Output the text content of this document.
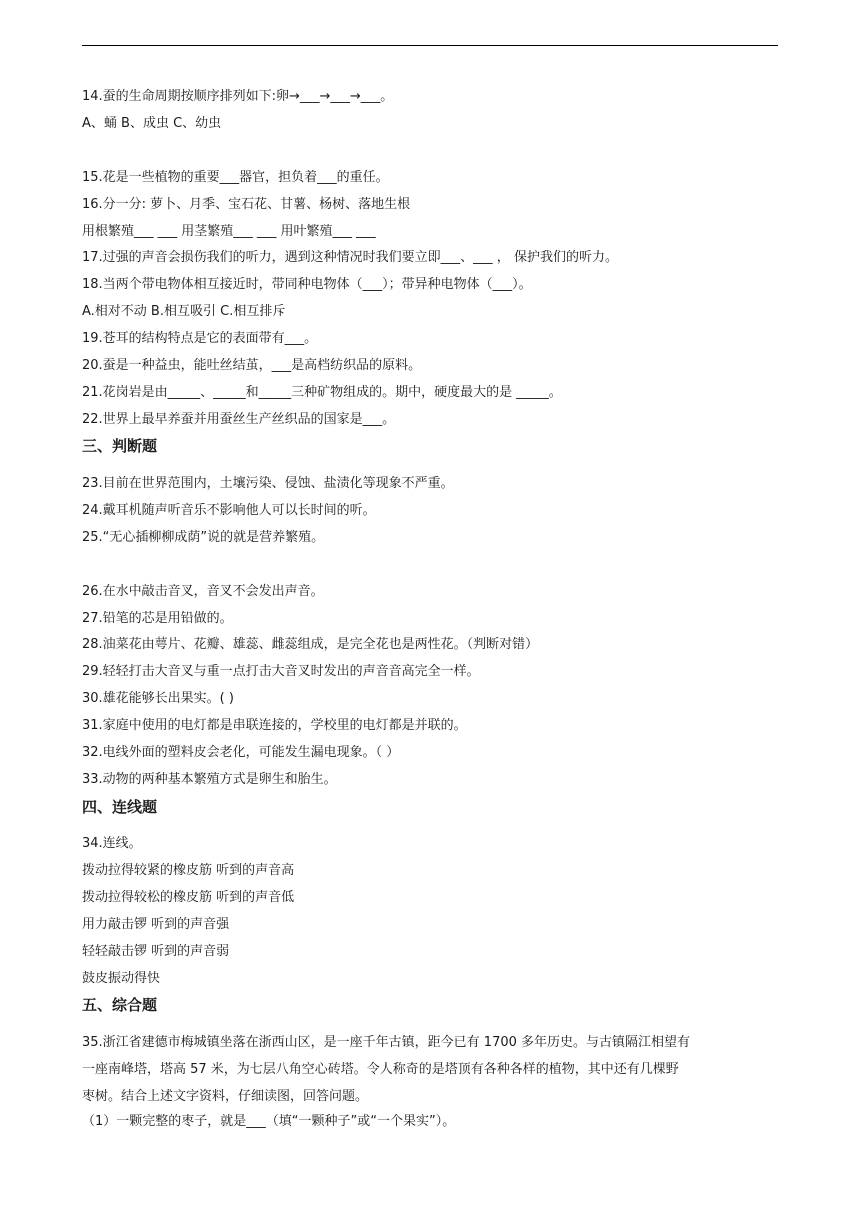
14.蚕的生命周期按顺序排列如下:卵→___→___→___。
A、蛹 B、成虫 C、幼虫
15.花是一些植物的重要___器官，担负着___的重任。
16.分一分: 萝卜、月季、宝石花、甘薯、杨树、落地生根
用根繁殖___ ___ 用茎繁殖___ ___ 用叶繁殖___ ___
17.过强的声音会损伤我们的听力，遇到这种情况时我们要立即___、___ ， 保护我们的听力。
18.当两个带电物体相互接近时，带同种电物体（___）；带异种电物体（___）。
A.相对不动 B.相互吸引 C.相互排斥
19.苍耳的结构特点是它的表面带有___。
20.蚕是一种益虫，能吐丝结茧，___是高档纺织品的原料。
21.花岗岩是由_____、_____和_____三种矿物组成的。期中，硬度最大的是 _____。
22.世界上最早养蚕并用蚕丝生产丝织品的国家是___。
三、判断题
23.目前在世界范围内，土壤污染、侵蚀、盐渍化等现象不严重。
24.戴耳机随声听音乐不影响他人可以长时间的听。
25.“无心插柳柳成荫”说的就是营养繁殖。
26.在水中敲击音叉，音叉不会发出声音。
27.铅笔的芯是用铅做的。
28.油菜花由萼片、花瓣、雄蕊、雌蕊组成，是完全花也是两性花。（判断对错）
29.轻轻打击大音叉与重一点打击大音叉时发出的声音音高完全一样。
30.雄花能够长出果实。( )
31.家庭中使用的电灯都是串联连接的，学校里的电灯都是并联的。
32.电线外面的塑料皮会老化，可能发生漏电现象。（ ）
33.动物的两种基本繁殖方式是卵生和胎生。
四、连线题
34.连线。
拨动拉得较紧的橡皮筋 听到的声音高
拨动拉得较松的橡皮筋 听到的声音低
用力敲击锣 听到的声音强
轻轻敲击锣 听到的声音弱
鼓皮振动得快
五、综合题
35.浙江省建德市梅城镇坐落在浙西山区，是一座千年古镇，距今已有 1700 多年历史。与古镇隔江相望有
一座南峰塔，塔高 57 米，为七层八角空心砖塔。令人称奇的是塔顶有各种各样的植物，其中还有几棵野
枣树。结合上述文字资料，仔细读图，回答问题。
（1）一颗完整的枣子，就是___（填“一颗种子”或“一个果实”）。
